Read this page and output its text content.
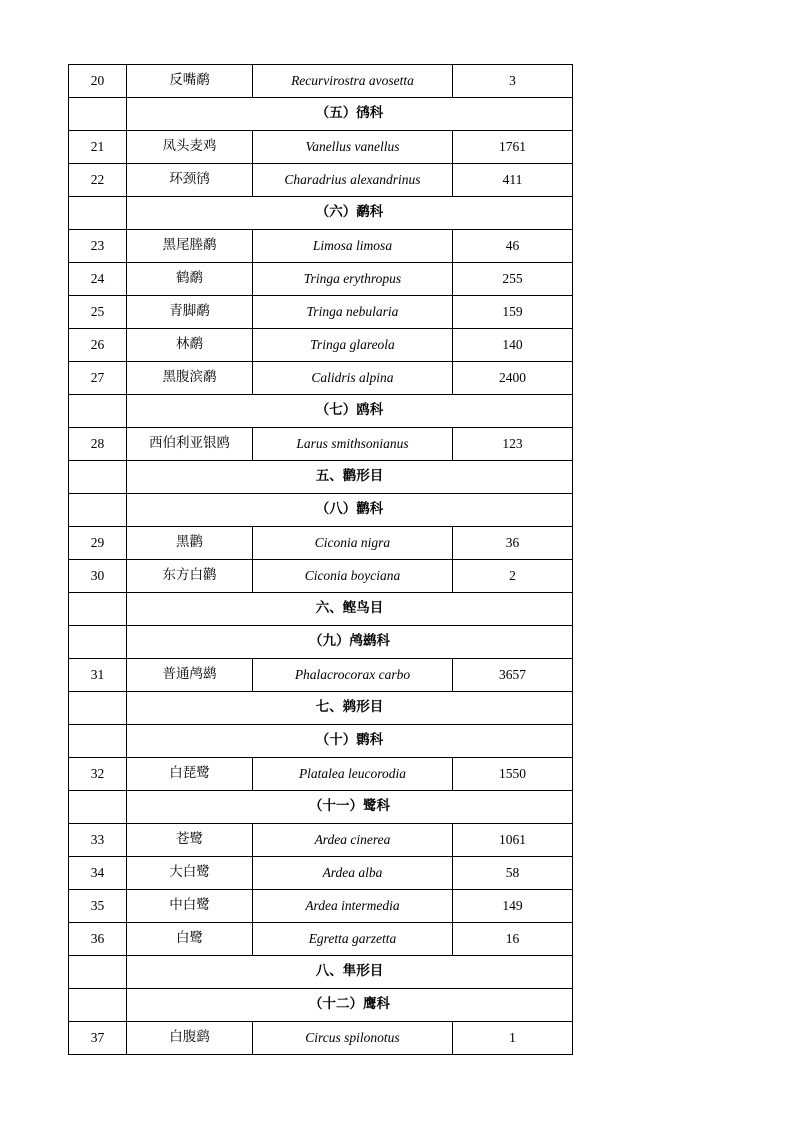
20	反嘴鹬	Recurvirostra avosetta	3

	（五）鸻科		

21	凤头麦鸡	Vanellus vanellus	1761
22	环颈鸻	Charadrius alexandrinus	411

	（六）鹬科		

23	黑尾塍鹬	Limosa limosa	46
24	鹤鹬	Tringa erythropus	255
25	青脚鹬	Tringa nebularia	159
26	林鹬	Tringa glareola	140
27	黑腹滨鹬	Calidris alpina	2400

	（七）鸥科		

28	西伯利亚银鸥	Larus smithsonianus	123

	五、鹳形目		

	（八）鹳科		

29	黑鹳	Ciconia nigra	36
30	东方白鹳	Ciconia boyciana	2

	六、鲣鸟目		

	（九）鸬鹚科		

31	普通鸬鹚	Phalacrocorax carbo	3657

	七、鹈形目		

	（十）鹮科		

32	白琵鹭	Platalea leucorodia	1550

	（十一）鹭科		

33	苍鹭	Ardea cinerea	1061
34	大白鹭	Ardea alba	58
35	中白鹭	Ardea intermedia	149
36	白鹭	Egretta garzetta	16

	八、隼形目		

	（十二）鹰科		

37	白腹鹞	Circus spilonotus	1
